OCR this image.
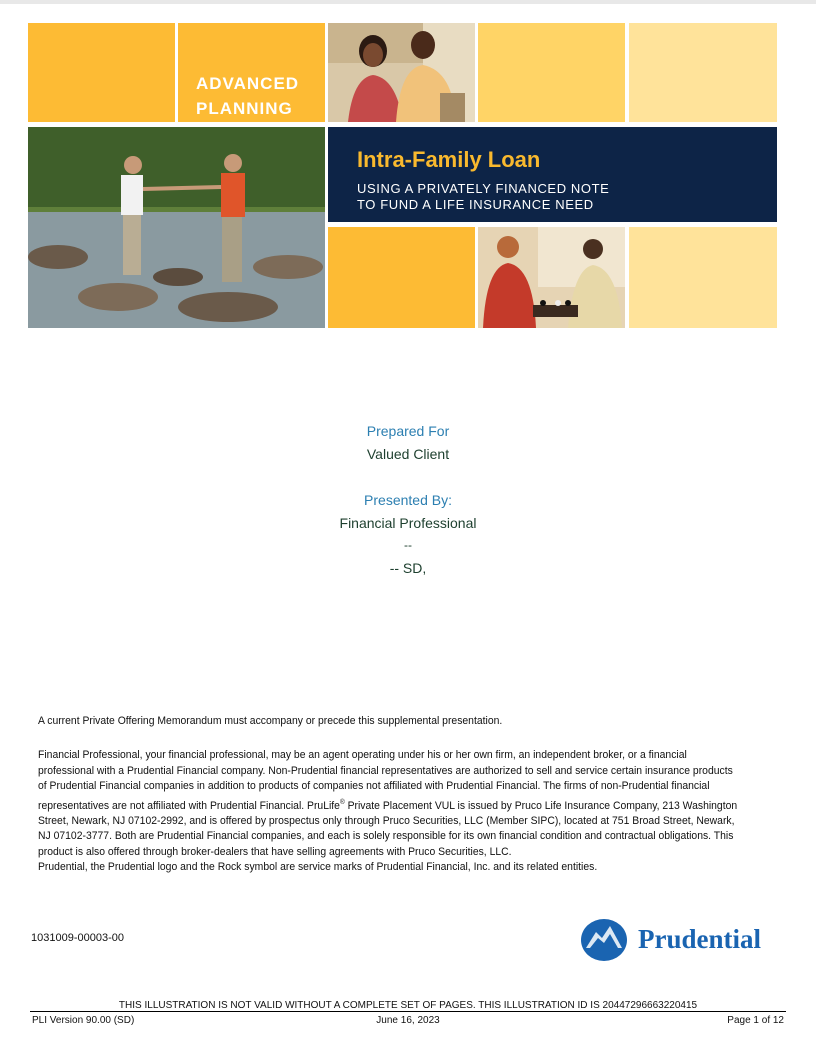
ADVANCED
PLANNING
Intra-Family Loan
USING A PRIVATELY FINANCED NOTE
TO FUND A LIFE INSURANCE NEED
Prepared For
Valued Client
Presented By:
Financial Professional
--
-- SD,
A current Private Offering Memorandum must accompany or precede this supplemental presentation.
Financial Professional, your financial professional, may be an agent operating under his or her own firm, an independent broker, or a financial professional with a Prudential Financial company. Non-Prudential financial representatives are authorized to sell and service certain insurance products of Prudential Financial companies in addition to products of companies not affiliated with Prudential Financial. The firms of non-Prudential financial representatives are not affiliated with Prudential Financial. PruLife® Private Placement VUL is issued by Pruco Life Insurance Company, 213 Washington Street, Newark, NJ 07102-2992, and is offered by prospectus only through Pruco Securities, LLC (Member SIPC), located at 751 Broad Street, Newark, NJ 07102-3777. Both are Prudential Financial companies, and each is solely responsible for its own financial condition and contractual obligations. This product is also offered through broker-dealers that have selling agreements with Pruco Securities, LLC.
Prudential, the Prudential logo and the Rock symbol are service marks of Prudential Financial, Inc. and its related entities.
1031009-00003-00	Prudential
THIS ILLUSTRATION IS NOT VALID WITHOUT A COMPLETE SET OF PAGES. THIS ILLUSTRATION ID IS 20447296663220415
PLI Version 90.00 (SD)	June 16, 2023	Page 1 of 12
